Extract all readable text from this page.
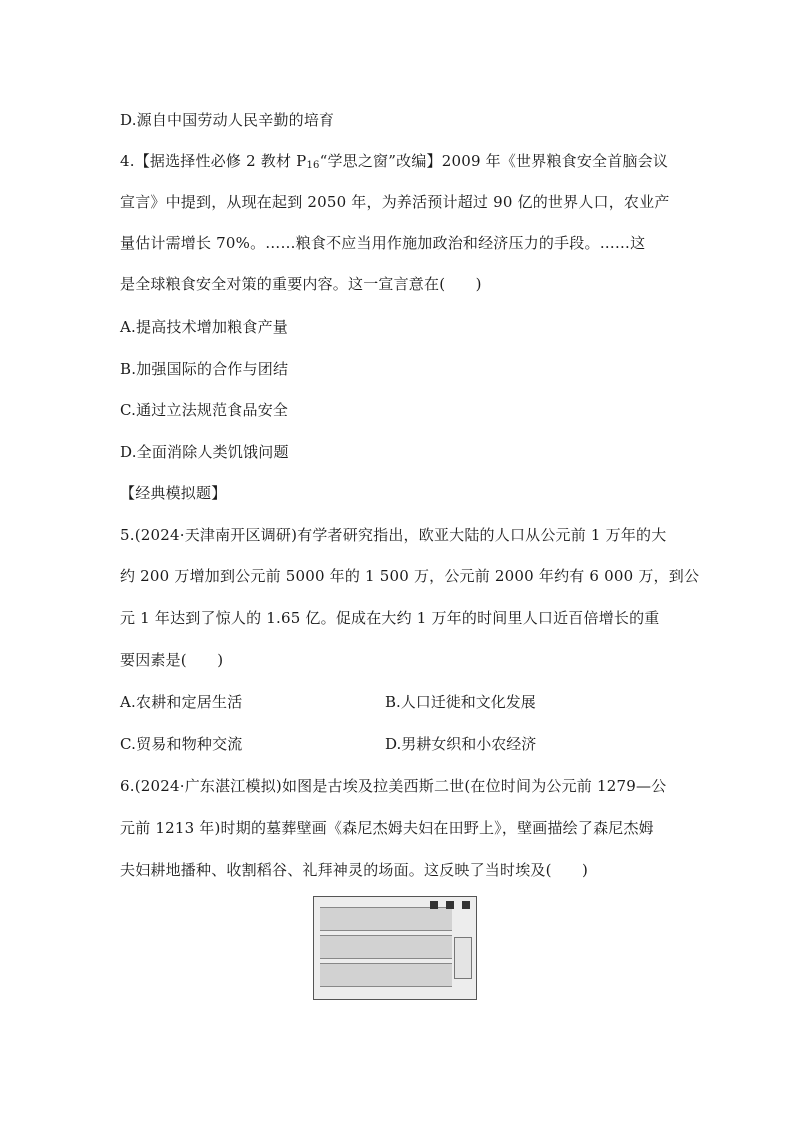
D.源自中国劳动人民辛勤的培育
4.【据选择性必修 2 教材 $P_{16}“$学思之窗”改编】2009 年《世界粮食安全首脑会议
宣言》中提到，从现在起到 2050 年，为养活预计超过 90 亿的世界人口，农业产
量估计需增长 70%。……粮食不应当用作施加政治和经济压力的手段。……这
是全球粮食安全对策的重要内容。这一宣言意在(　　)
A.提高技术增加粮食产量
B.加强国际的合作与团结
C.通过立法规范食品安全
D.全面消除人类饥饿问题
【经典模拟题】
5.(2024·天津南开区调研)有学者研究指出，欧亚大陆的人口从公元前 1 万年的大
约 200 万增加到公元前 5000 年的 1 500 万，公元前 2000 年约有 6 000 万，到公
元 1 年达到了惊人的 1.65 亿。促成在大约 1 万年的时间里人口近百倍增长的重
要因素是(　　)
A.农耕和定居生活	B.人口迁徙和文化发展
C.贸易和物种交流	D.男耕女织和小农经济
6.(2024·广东湛江模拟)如图是古埃及拉美西斯二世(在位时间为公元前 1279—公
元前 1213 年)时期的墓葬壁画《森尼杰姆夫妇在田野上》，壁画描绘了森尼杰姆
夫妇耕地播种、收割稻谷、礼拜神灵的场面。这反映了当时埃及(　　)
